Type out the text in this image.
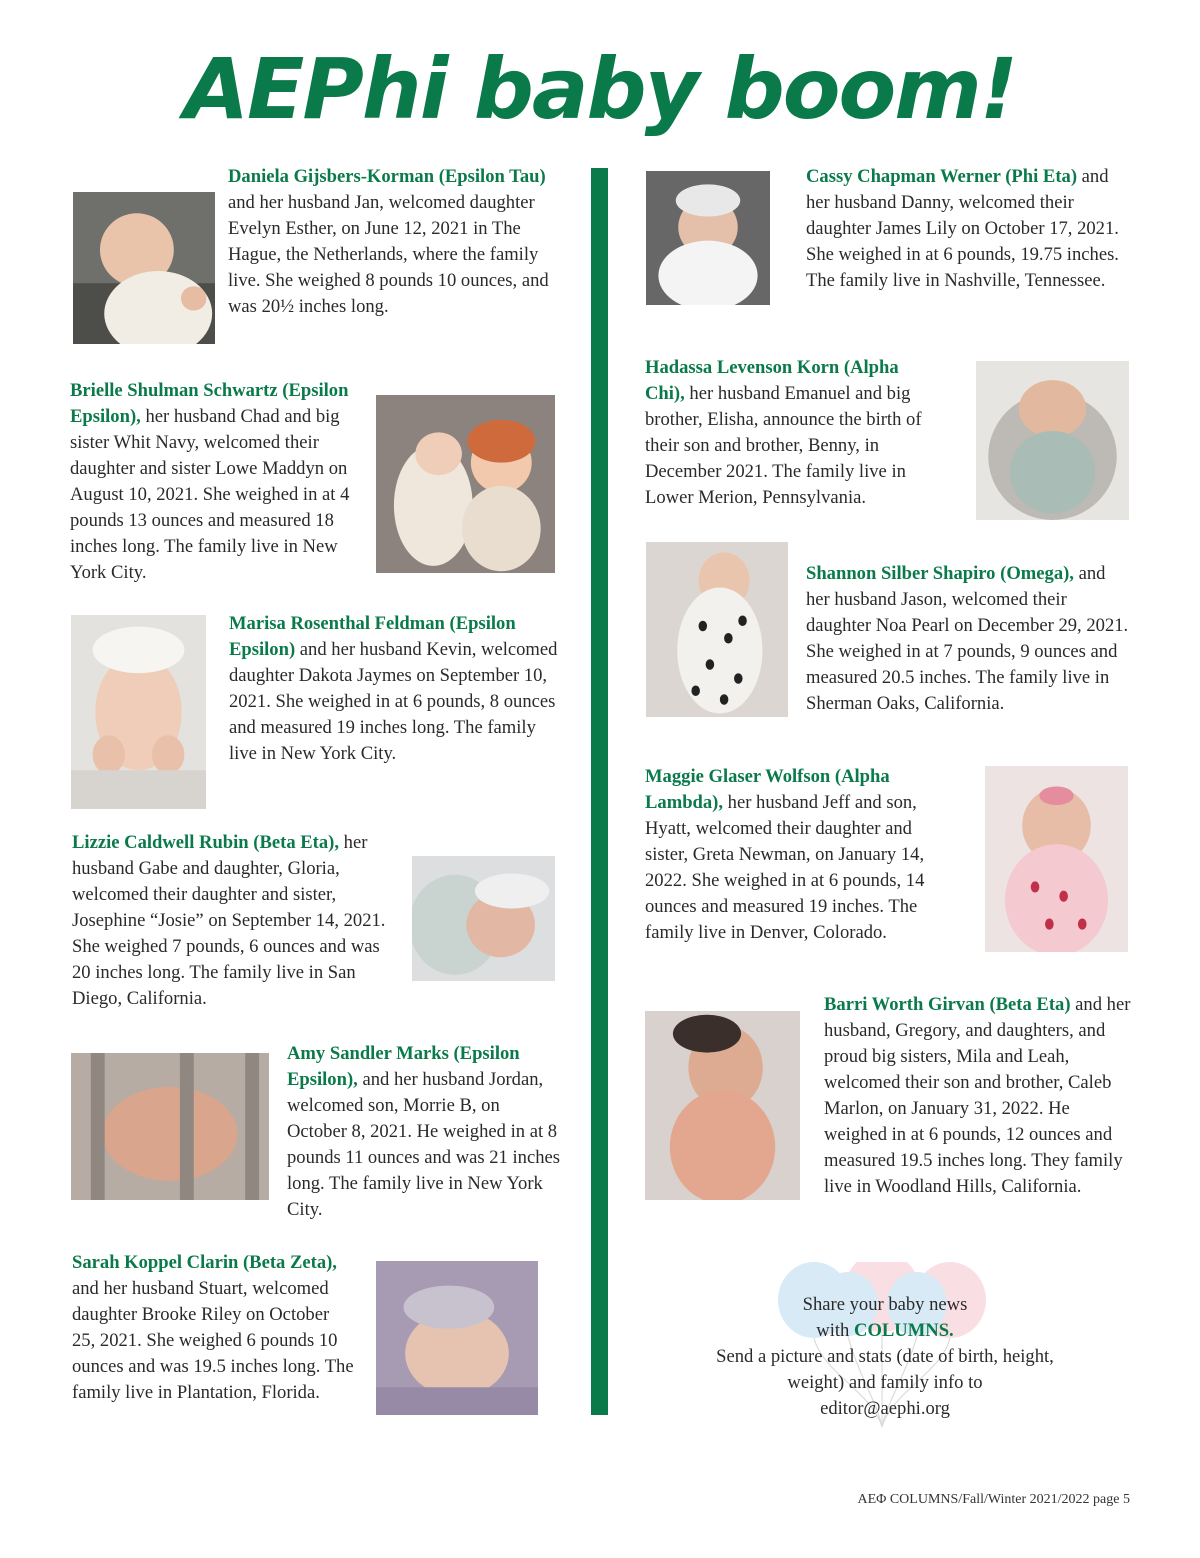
AEPhi baby boom!
Daniela Gijsbers-Korman (Epsilon Tau) and her husband Jan, welcomed daughter Evelyn Esther, on June 12, 2021 in The Hague, the Netherlands, where the family live. She weighed 8 pounds 10 ounces, and was 20½ inches long.
Brielle Shulman Schwartz (Epsilon Epsilon), her husband Chad and big sister Whit Navy, welcomed their daughter and sister Lowe Maddyn on August 10, 2021. She weighed in at 4 pounds 13 ounces and measured 18 inches long. The family live in New York City.
Marisa Rosenthal Feldman (Epsilon Epsilon) and her husband Kevin, welcomed daughter Dakota Jaymes on September 10, 2021. She weighed in at 6 pounds, 8 ounces and measured 19 inches long. The family live in New York City.
Lizzie Caldwell Rubin (Beta Eta), her husband Gabe and daughter, Gloria, welcomed their daughter and sister, Josephine “Josie” on September 14, 2021. She weighed 7 pounds, 6 ounces and was 20 inches long. The family live in San Diego, California.
Amy Sandler Marks (Epsilon Epsilon), and her husband Jordan, welcomed son, Morrie B, on October 8, 2021. He weighed in at 8 pounds 11 ounces and was 21 inches long. The family live in New York City.
Sarah Koppel Clarin (Beta Zeta), and her husband Stuart, welcomed daughter Brooke Riley on October 25, 2021. She weighed 6 pounds 10 ounces and was 19.5 inches long. The family live in Plantation, Florida.
Cassy Chapman Werner (Phi Eta) and her husband Danny, welcomed their daughter James Lily on October 17, 2021. She weighed in at 6 pounds, 19.75 inches. The family live in Nashville, Tennessee.
Hadassa Levenson Korn (Alpha Chi), her husband Emanuel and big brother, Elisha, announce the birth of their son and brother, Benny, in December 2021. The family live in Lower Merion, Pennsylvania.
Shannon Silber Shapiro (Omega), and her husband Jason, welcomed their daughter Noa Pearl on December 29, 2021. She weighed in at 7 pounds, 9 ounces and measured 20.5 inches. The family live in Sherman Oaks, California.
Maggie Glaser Wolfson (Alpha Lambda), her husband Jeff and son, Hyatt, welcomed their daughter and sister, Greta Newman, on January 14, 2022. She weighed in at 6 pounds, 14 ounces and measured 19 inches. The family live in Denver, Colorado.
Barri Worth Girvan (Beta Eta) and her husband, Gregory, and daughters, and proud big sisters, Mila and Leah, welcomed their son and brother, Caleb Marlon, on January 31, 2022. He weighed in at 6 pounds, 12 ounces and measured 19.5 inches long. They family live in Woodland Hills, California.
Share your baby news
with COLUMNS.
Send a picture and stats (date of birth, height, weight) and family info to
editor@aephi.org
AEΦ COLUMNS/Fall/Winter 2021/2022 page 5
